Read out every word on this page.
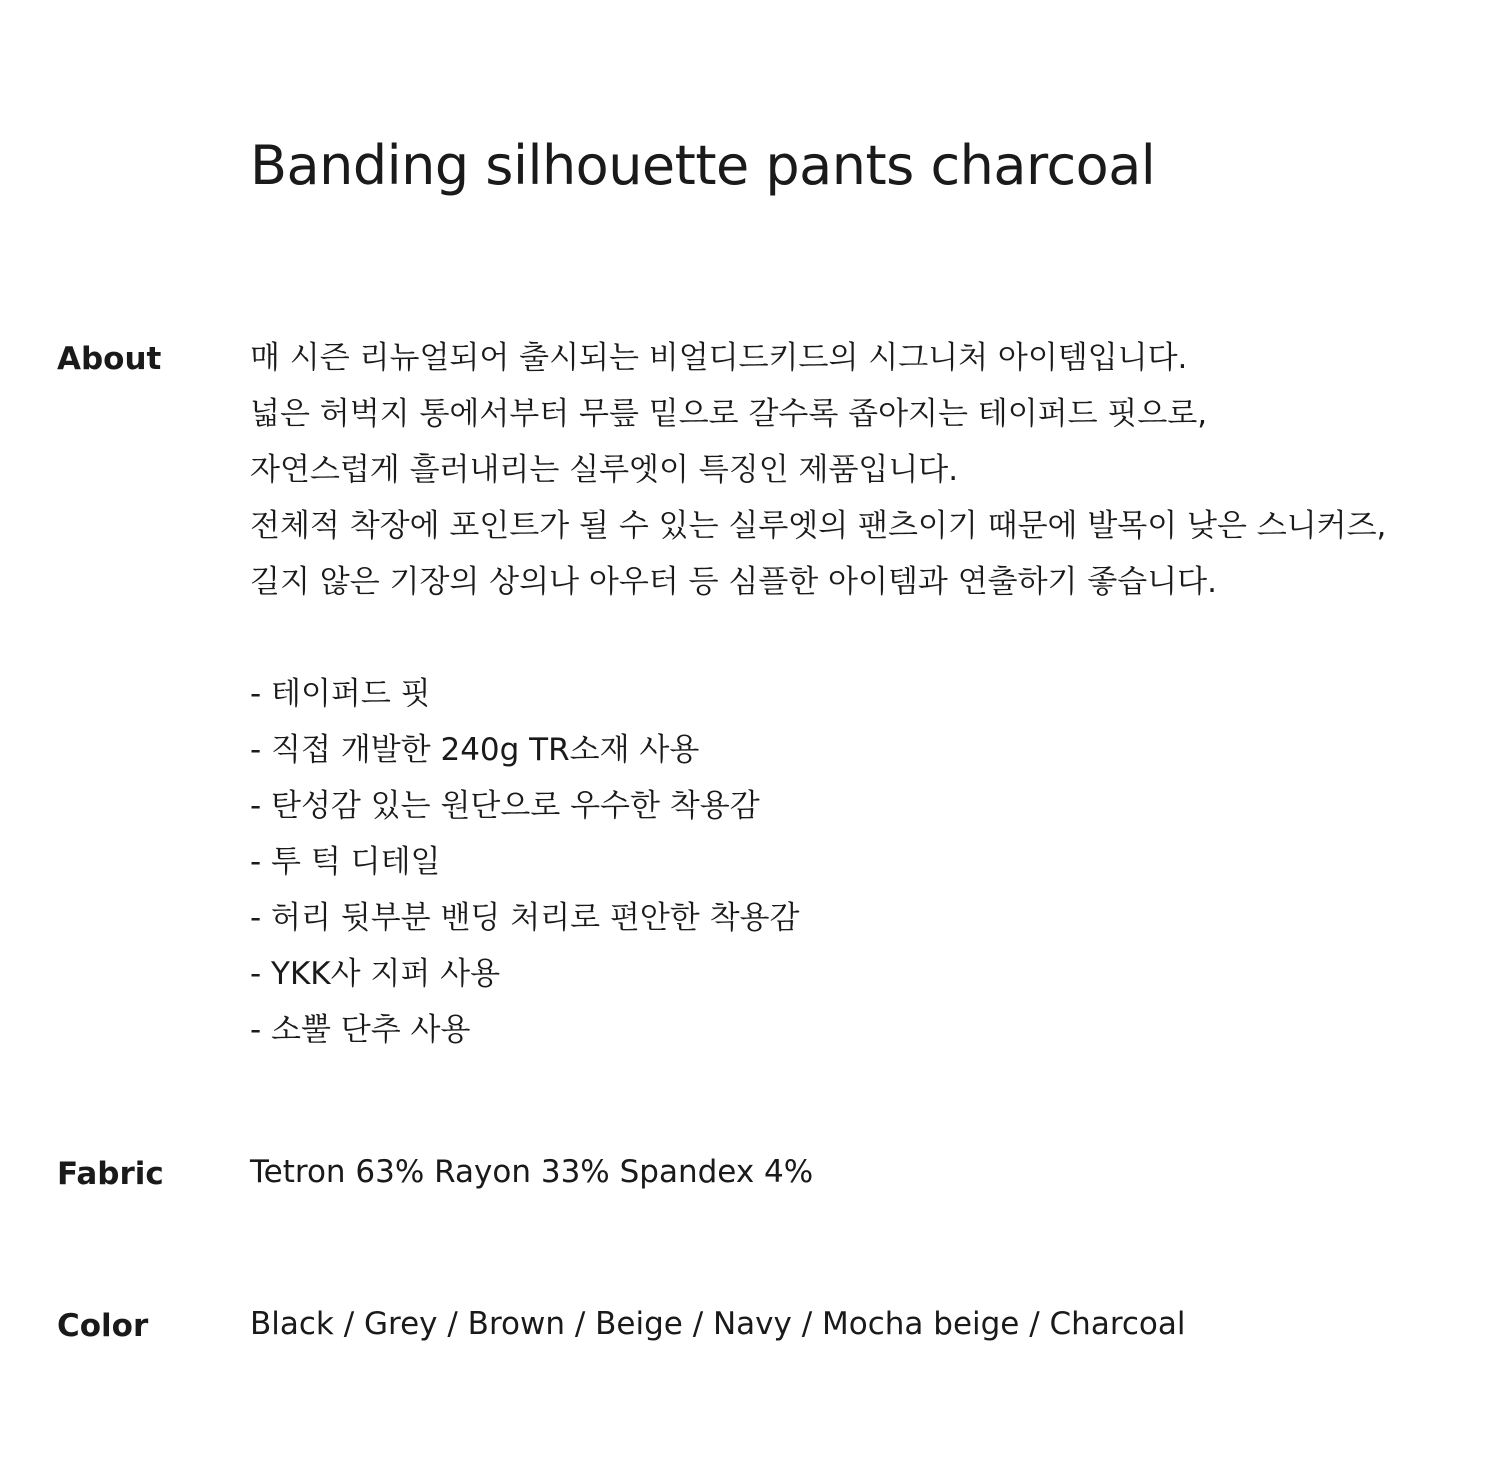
Banding silhouette pants charcoal
About	매 시즌 리뉴얼되어 출시되는 비얼디드키드의 시그니처 아이템입니다.
넓은 허벅지 통에서부터 무릎 밑으로 갈수록 좁아지는 테이퍼드 핏으로,
자연스럽게 흘러내리는 실루엣이 특징인 제품입니다.
전체적 착장에 포인트가 될 수 있는 실루엣의 팬츠이기 때문에 발목이 낮은 스니커즈,
길지 않은 기장의 상의나 아우터 등 심플한 아이템과 연출하기 좋습니다.
- 테이퍼드 핏
- 직접 개발한 240g TR소재 사용
- 탄성감 있는 원단으로 우수한 착용감
- 투 턱 디테일
- 허리 뒷부분 밴딩 처리로 편안한 착용감
- YKK사 지퍼 사용
- 소뿔 단추 사용
Fabric	Tetron 63% Rayon 33% Spandex 4%
Color	Black / Grey / Brown / Beige / Navy / Mocha beige / Charcoal
